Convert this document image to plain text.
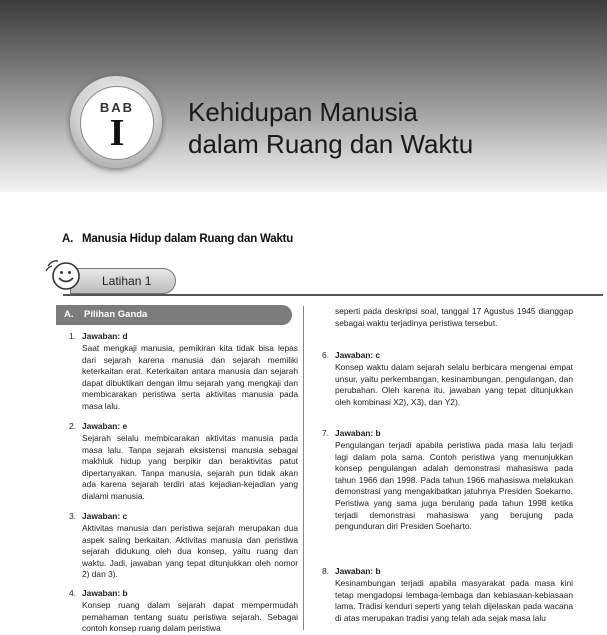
BAB
I	Kehidupan Manusia
dalam Ruang dan Waktu
A. Manusia Hidup dalam Ruang dan Waktu
Latihan 1
A. Pilihan Ganda
1. Jawaban: d
Saat mengkaji manusia, pemikiran kita tidak bisa lepas dari sejarah karena manusia dan sejarah memiliki keterkaitan erat. Keterkaitan antara manusia dan sejarah dapat dibuktikan dengan ilmu sejarah yang mengkaji dan membicarakan peristiwa serta aktivitas manusia pada masa lalu.
2. Jawaban: e
Sejarah selalu membicarakan aktivitas manusia pada masa lalu. Tanpa sejarah eksistensi manusia sebagai makhluk hidup yang berpikir dan beraktivitas patut dipertanyakan. Tanpa manusia, sejarah pun tidak akan ada karena sejarah terdiri atas kejadian-kejadian yang dialami manusia.
3. Jawaban: c
Aktivitas manusia dan peristiwa sejarah merupakan dua aspek saling berkaitan. Aktivitas manusia dan peristiwa sejarah didukung oleh dua konsep, yaitu ruang dan waktu. Jadi, jawaban yang tepat ditunjukkan oleh nomor 2) dan 3).
4. Jawaban: b
Konsep ruang dalam sejarah dapat mempermudah pemahaman tentang suatu peristiwa sejarah. Sebagai contoh konsep ruang dalam peristiwa
seperti pada deskripsi soal, tanggal 17 Agustus 1945 dianggap sebagai waktu terjadinya peristiwa tersebut.
6. Jawaban: c
Konsep waktu dalam sejarah selalu berbicara mengenai empat unsur, yaitu perkembangan, kesinambungan, pengulangan, dan perubahan. Oleh karena itu, jawaban yang tepat ditunjukkan oleh kombinasi X2), X3), dan Y2).
7. Jawaban: b
Pengulangan terjadi apabila peristiwa pada masa lalu terjadi lagi dalam pola sama. Contoh peristiwa yang menunjukkan konsep pengulangan adalah demonstrasi mahasiswa pada tahun 1966 dan 1998. Pada tahun 1966 mahasiswa melakukan demonstrasi yang mengakibatkan jatuhnya Presiden Soekarno. Peristiwa yang sama juga berulang pada tahun 1998 ketika terjadi demonstrasi mahasiswa yang berujung pada pengunduran diri Presiden Soeharto.
8. Jawaban: b
Kesinambungan terjadi apabila masyarakat pada masa kini tetap mengadopsi lembaga-lembaga dan kebiasaan-kebiasaan lama. Tradisi kenduri seperti yang telah dijelaskan pada wacana di atas merupakan tradisi yang telah ada sejak masa lalu
